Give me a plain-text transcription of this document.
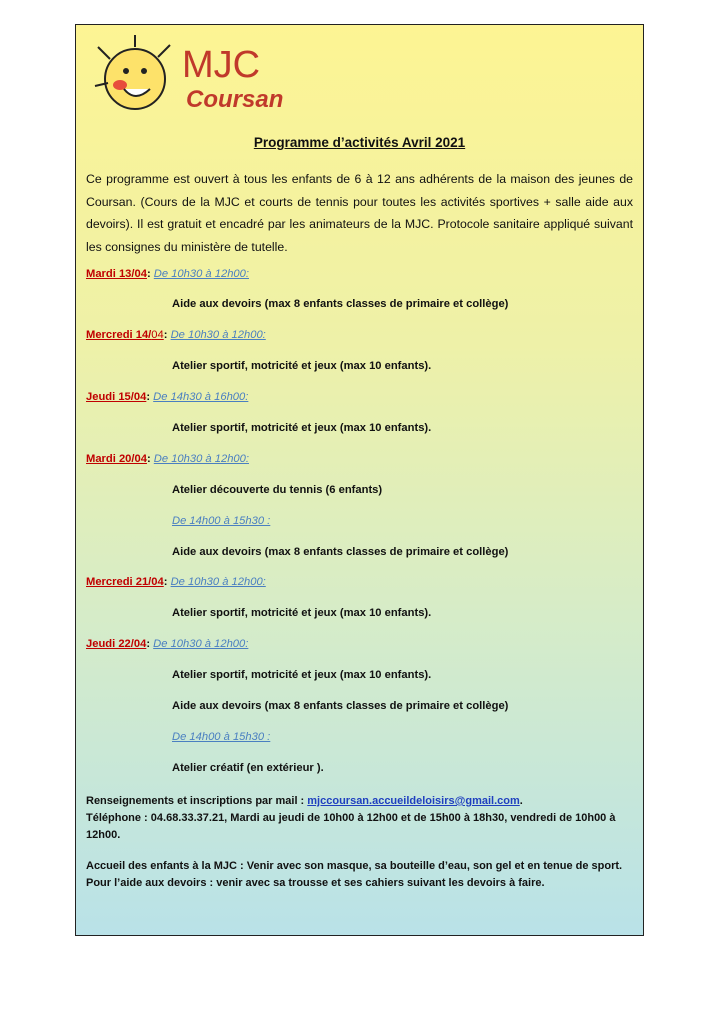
MJC
Coursan
Programme d’activités Avril 2021
Ce programme est ouvert à tous les enfants de 6 à 12 ans adhérents de la maison des jeunes de Coursan. (Cours de la MJC et courts de tennis pour toutes les activités sportives + salle aide aux devoirs). Il est gratuit et encadré par les animateurs de la MJC. Protocole sanitaire appliqué suivant les consignes du ministère de tutelle.
Mardi 13/04: De 10h30 à 12h00:
Aide aux devoirs (max 8 enfants classes de primaire et collège)
Mercredi 14/04: De 10h30 à 12h00:
Atelier sportif, motricité et jeux (max 10 enfants).
Jeudi 15/04: De 14h30 à 16h00:
Atelier sportif, motricité et jeux (max 10 enfants).
Mardi 20/04: De 10h30 à 12h00:
Atelier découverte du tennis (6 enfants)
De 14h00 à 15h30 :
Aide aux devoirs (max 8 enfants classes de primaire et collège)
Mercredi 21/04: De 10h30 à 12h00:
Atelier sportif, motricité et jeux (max 10 enfants).
Jeudi 22/04: De 10h30 à 12h00:
Atelier sportif, motricité et jeux (max 10 enfants).
Aide aux devoirs (max 8 enfants classes de primaire et collège)
De 14h00 à 15h30 :
Atelier créatif (en extérieur ).
Renseignements et inscriptions par mail : mjccoursan.accueildeloisirs@gmail.com.
Téléphone : 04.68.33.37.21, Mardi au jeudi de 10h00 à 12h00 et de 15h00 à 18h30, vendredi de 10h00 à 12h00.
Accueil des enfants à la MJC : Venir avec son masque, sa bouteille d’eau, son gel et en tenue de sport. Pour l’aide aux devoirs : venir avec sa trousse et ses cahiers suivant les devoirs à faire.
